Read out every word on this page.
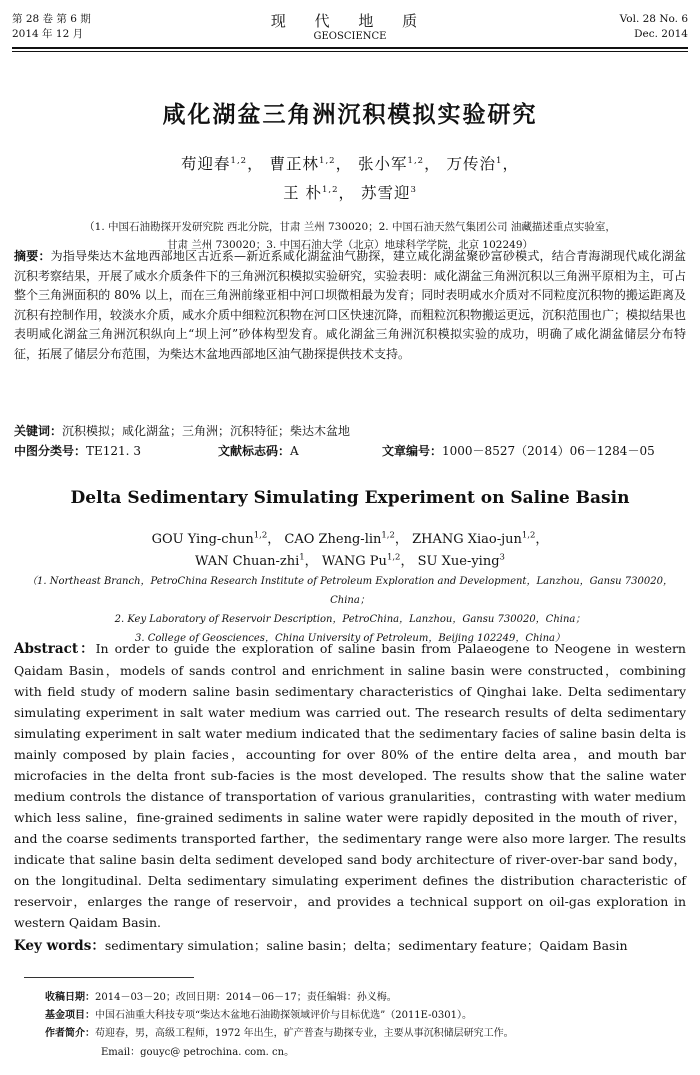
第 28 卷 第 6 期
2014 年 12 月
现 代 地 质
GEOSCIENCE
Vol. 28 No. 6
Dec. 2014
咸化湖盆三角洲沉积模拟实验研究
苟迎春$^{1,2}$， 曹正林$^{1,2}$， 张小军$^{1,2}$， 万传治$^1$，
王 朴$^{1,2}$， 苏雪迎$^3$
（1. 中国石油勘探开发研究院 西北分院，甘肃 兰州 730020；2. 中国石油天然气集团公司 油藏描述重点实验室，
甘肃 兰州 730020；3. 中国石油大学（北京）地球科学学院，北京 102249）
摘要：为指导柴达木盆地西部地区古近系—新近系咸化湖盆油气勘探，建立咸化湖盆聚砂富砂模式，结合青海湖现代咸化湖盆沉积考察结果，开展了咸水介质条件下的三角洲沉积模拟实验研究，实验表明：咸化湖盆三角洲沉积以三角洲平原相为主，可占整个三角洲面积的 80% 以上，而在三角洲前缘亚相中河口坝微相最为发育；同时表明咸水介质对不同粒度沉积物的搬运距离及沉积有控制作用，较淡水介质，咸水介质中细粒沉积物在河口区快速沉降，而粗粒沉积物搬运更远，沉积范围也广；模拟结果也表明咸化湖盆三角洲沉积纵向上“坝上河”砂体构型发育。咸化湖盆三角洲沉积模拟实验的成功，明确了咸化湖盆储层分布特征，拓展了储层分布范围，为柴达木盆地西部地区油气勘探提供技术支持。
关键词：沉积模拟；咸化湖盆；三角洲；沉积特征；柴达木盆地
中图分类号：TE121. 3	文献标志码：A	文章编号：1000－8527（2014）06－1284－05
Delta Sedimentary Simulating Experiment on Saline Basin
GOU Ying-chun$^{1,2}$， CAO Zheng-lin$^{1,2}$， ZHANG Xiao-jun$^{1,2}$，
WAN Chuan-zhi$^1$， WANG Pu$^{1,2}$， SU Xue-ying$^3$
（1. Northeast Branch，PetroChina Research Institute of Petroleum Exploration and Development，Lanzhou，Gansu 730020，China；
2. Key Laboratory of Reservoir Description，PetroChina，Lanzhou，Gansu 730020，China；
3. College of Geosciences，China University of Petroleum，Beijing 102249，China）
Abstract：In order to guide the exploration of saline basin from Palaeogene to Neogene in western Qaidam Basin，models of sands control and enrichment in saline basin were constructed，combining with field study of modern saline basin sedimentary characteristics of Qinghai lake. Delta sedimentary simulating experiment in salt water medium was carried out. The research results of delta sedimentary simulating experiment in salt water medium indicated that the sedimentary facies of saline basin delta is mainly composed by plain facies，accounting for over 80% of the entire delta area，and mouth bar microfacies in the delta front sub-facies is the most developed. The results show that the saline water medium controls the distance of transportation of various granularities，contrasting with water medium which less saline，fine-grained sediments in saline water were rapidly deposited in the mouth of river，and the coarse sediments transported farther，the sedimentary range were also more larger. The results indicate that saline basin delta sediment developed sand body architecture of river-over-bar sand body，on the longitudinal. Delta sedimentary simulating experiment defines the distribution characteristic of reservoir，enlarges the range of reservoir，and provides a technical support on oil-gas exploration in western Qaidam Basin.
Key words：sedimentary simulation；saline basin；delta；sedimentary feature；Qaidam Basin
收稿日期：2014－03－20；改回日期：2014－06－17；责任编辑：孙义梅。
基金项目：中国石油重大科技专项“柴达木盆地石油勘探领域评价与目标优选”（2011E-0301）。
作者简介：苟迎春，男，高级工程师，1972 年出生，矿产普查与勘探专业，主要从事沉积储层研究工作。
Email：gouyc@ petrochina. com. cn。
